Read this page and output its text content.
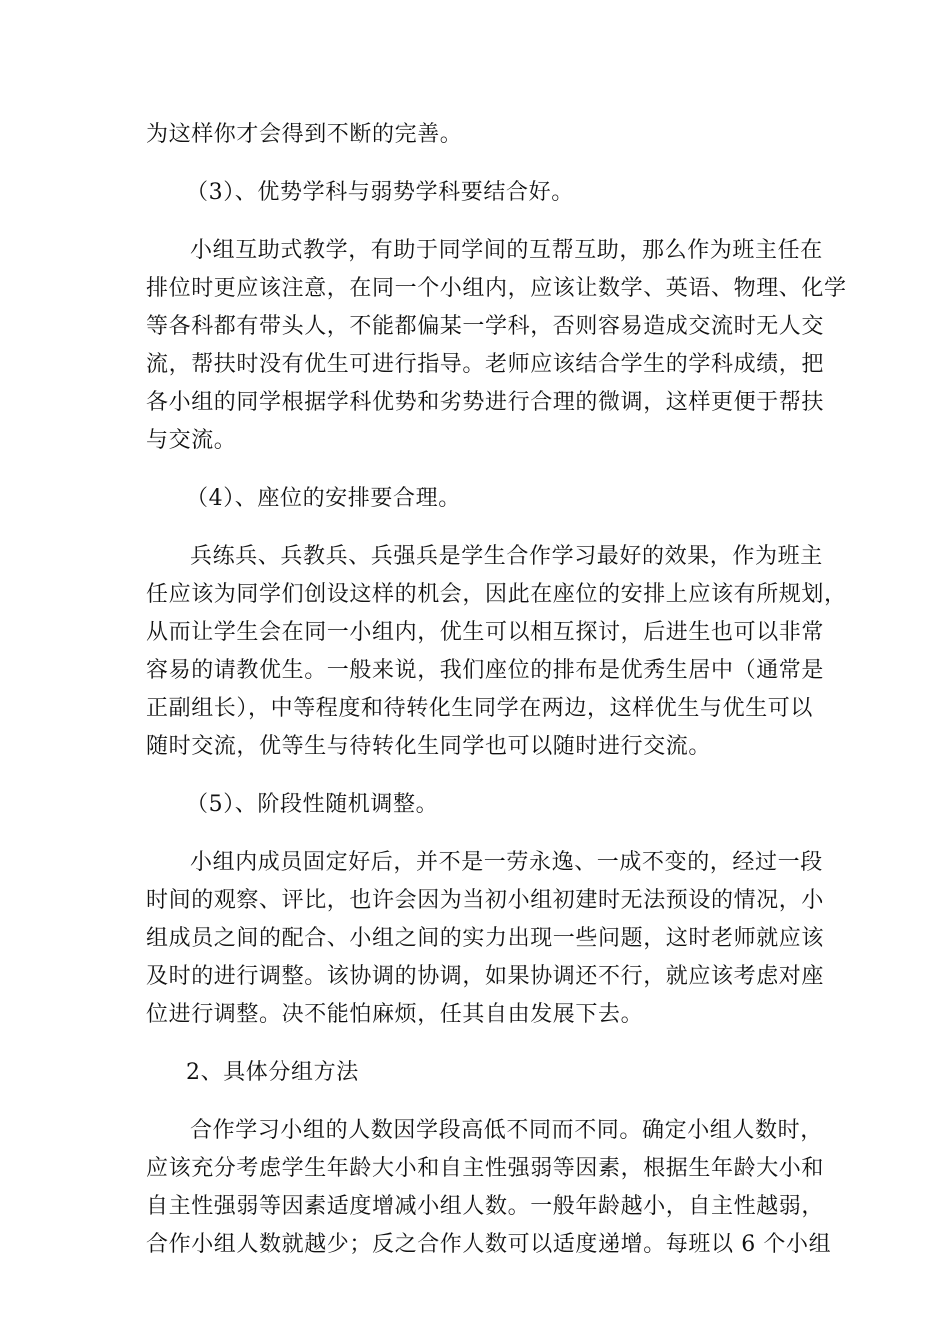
为这样你才会得到不断的完善。
（3）、优势学科与弱势学科要结合好。
小组互助式教学，有助于同学间的互帮互助，那么作为班主任在
排位时更应该注意，在同一个小组内，应该让数学、英语、物理、化学
等各科都有带头人，不能都偏某一学科，否则容易造成交流时无人交
流，帮扶时没有优生可进行指导。老师应该结合学生的学科成绩，把
各小组的同学根据学科优势和劣势进行合理的微调，这样更便于帮扶
与交流。
（4）、座位的安排要合理。
兵练兵、兵教兵、兵强兵是学生合作学习最好的效果，作为班主
任应该为同学们创设这样的机会，因此在座位的安排上应该有所规划，
从而让学生会在同一小组内，优生可以相互探讨，后进生也可以非常
容易的请教优生。一般来说，我们座位的排布是优秀生居中（通常是
正副组长），中等程度和待转化生同学在两边，这样优生与优生可以
随时交流，优等生与待转化生同学也可以随时进行交流。
（5）、阶段性随机调整。
小组内成员固定好后，并不是一劳永逸、一成不变的，经过一段
时间的观察、评比，也许会因为当初小组初建时无法预设的情况，小
组成员之间的配合、小组之间的实力出现一些问题，这时老师就应该
及时的进行调整。该协调的协调，如果协调还不行，就应该考虑对座
位进行调整。决不能怕麻烦，任其自由发展下去。
2、具体分组方法
合作学习小组的人数因学段高低不同而不同。确定小组人数时，
应该充分考虑学生年龄大小和自主性强弱等因素，根据生年龄大小和
自主性强弱等因素适度增减小组人数。一般年龄越小，自主性越弱，
合作小组人数就越少；反之合作人数可以适度递增。每班以 6 个小组
